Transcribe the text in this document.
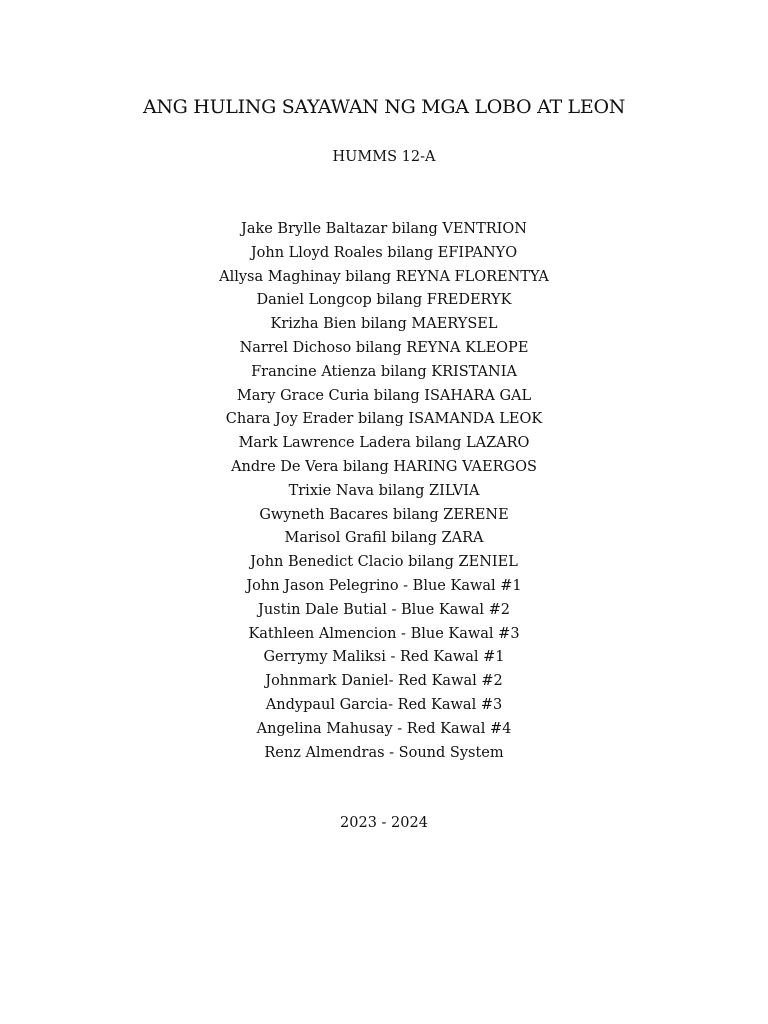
ANG HULING SAYAWAN NG MGA LOBO AT LEON
HUMMS 12-A
Jake Brylle Baltazar bilang VENTRION
John Lloyd Roales bilang EFIPANYO
Allysa Maghinay bilang REYNA FLORENTYA
Daniel Longcop bilang FREDERYK
Krizha Bien bilang MAERYSEL
Narrel Dichoso bilang REYNA KLEOPE
Francine Atienza bilang KRISTANIA
Mary Grace Curia bilang ISAHARA GAL
Chara Joy Erader bilang ISAMANDA LEOK
Mark Lawrence Ladera bilang LAZARO
Andre De Vera bilang HARING VAERGOS
Trixie Nava bilang ZILVIA
Gwyneth Bacares bilang ZERENE
Marisol Grafil bilang ZARA
John Benedict Clacio bilang ZENIEL
John Jason Pelegrino - Blue Kawal #1
Justin Dale Butial - Blue Kawal #2
Kathleen Almencion - Blue Kawal #3
Gerrymy Maliksi - Red Kawal #1
Johnmark Daniel- Red Kawal #2
Andypaul Garcia- Red Kawal #3
Angelina Mahusay - Red Kawal #4
Renz Almendras - Sound System
2023 - 2024
